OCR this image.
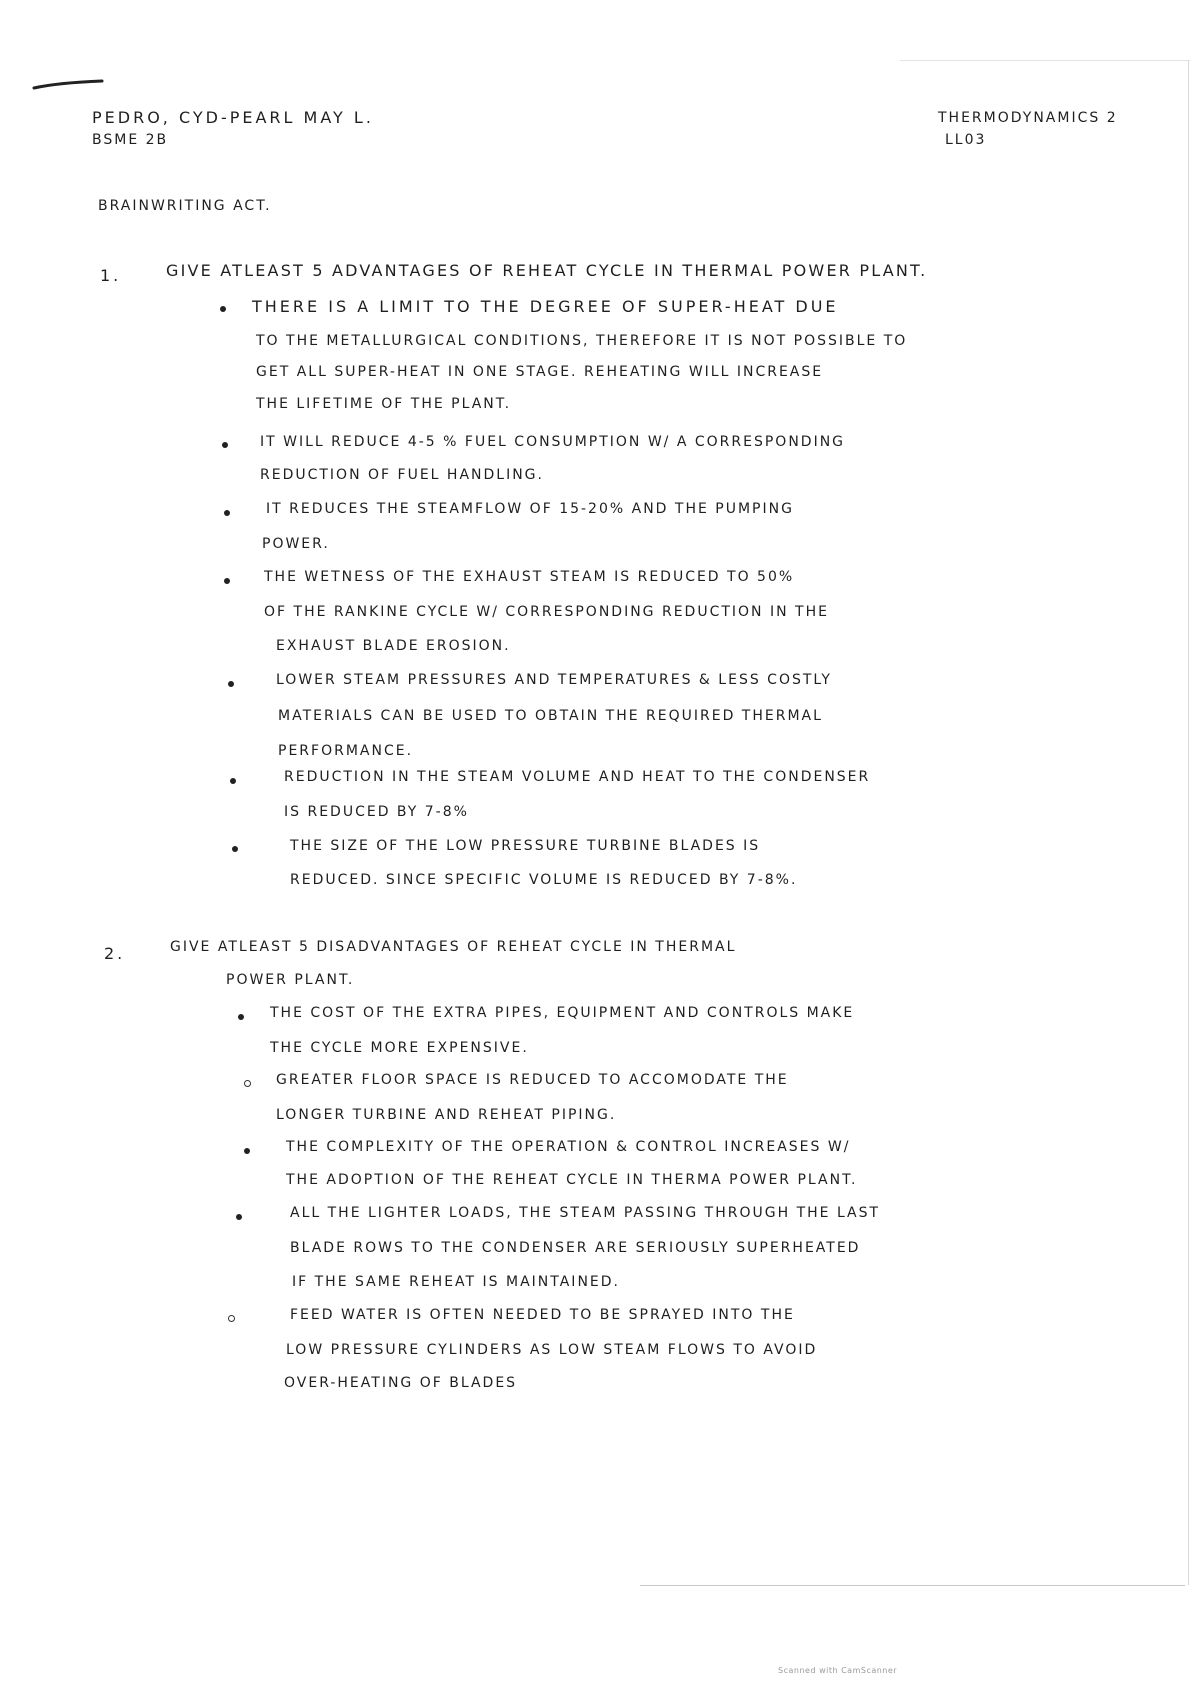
PEDRO, CYD-PEARL MAY L.
BSME 2B
THERMODYNAMICS 2
LL03
BRAINWRITING ACT.
1.	GIVE ATLEAST 5 ADVANTAGES OF REHEAT CYCLE IN THERMAL POWER PLANT.
THERE IS A LIMIT TO THE DEGREE OF SUPER-HEAT DUE
TO THE METALLURGICAL CONDITIONS, THEREFORE IT IS NOT POSSIBLE TO
GET ALL SUPER-HEAT IN ONE STAGE. REHEATING WILL INCREASE
THE LIFETIME OF THE PLANT.
IT WILL REDUCE 4-5 % FUEL CONSUMPTION W/ A CORRESPONDING
REDUCTION OF FUEL HANDLING.
IT REDUCES THE STEAMFLOW OF 15-20% AND THE PUMPING
POWER.
THE WETNESS OF THE EXHAUST STEAM IS REDUCED TO 50%
OF THE RANKINE CYCLE W/ CORRESPONDING REDUCTION IN THE
EXHAUST BLADE EROSION.
LOWER STEAM PRESSURES AND TEMPERATURES & LESS COSTLY
MATERIALS CAN BE USED TO OBTAIN THE REQUIRED THERMAL
PERFORMANCE.
REDUCTION IN THE STEAM VOLUME AND HEAT TO THE CONDENSER
IS REDUCED BY 7-8%
THE SIZE OF THE LOW PRESSURE TURBINE BLADES IS
REDUCED. SINCE SPECIFIC VOLUME IS REDUCED BY 7-8%.
2.	GIVE ATLEAST 5 DISADVANTAGES OF REHEAT CYCLE IN THERMAL
POWER PLANT.
THE COST OF THE EXTRA PIPES, EQUIPMENT AND CONTROLS MAKE
THE CYCLE MORE EXPENSIVE.
GREATER FLOOR SPACE IS REDUCED TO ACCOMODATE THE
LONGER TURBINE AND REHEAT PIPING.
THE COMPLEXITY OF THE OPERATION & CONTROL INCREASES W/
THE ADOPTION OF THE REHEAT CYCLE IN THERMA POWER PLANT.
ALL THE LIGHTER LOADS, THE STEAM PASSING THROUGH THE LAST
BLADE ROWS TO THE CONDENSER ARE SERIOUSLY SUPERHEATED
IF THE SAME REHEAT IS MAINTAINED.
FEED WATER IS OFTEN NEEDED TO BE SPRAYED INTO THE
LOW PRESSURE CYLINDERS AS LOW STEAM FLOWS TO AVOID
OVER-HEATING OF BLADES
Scanned with CamScanner
